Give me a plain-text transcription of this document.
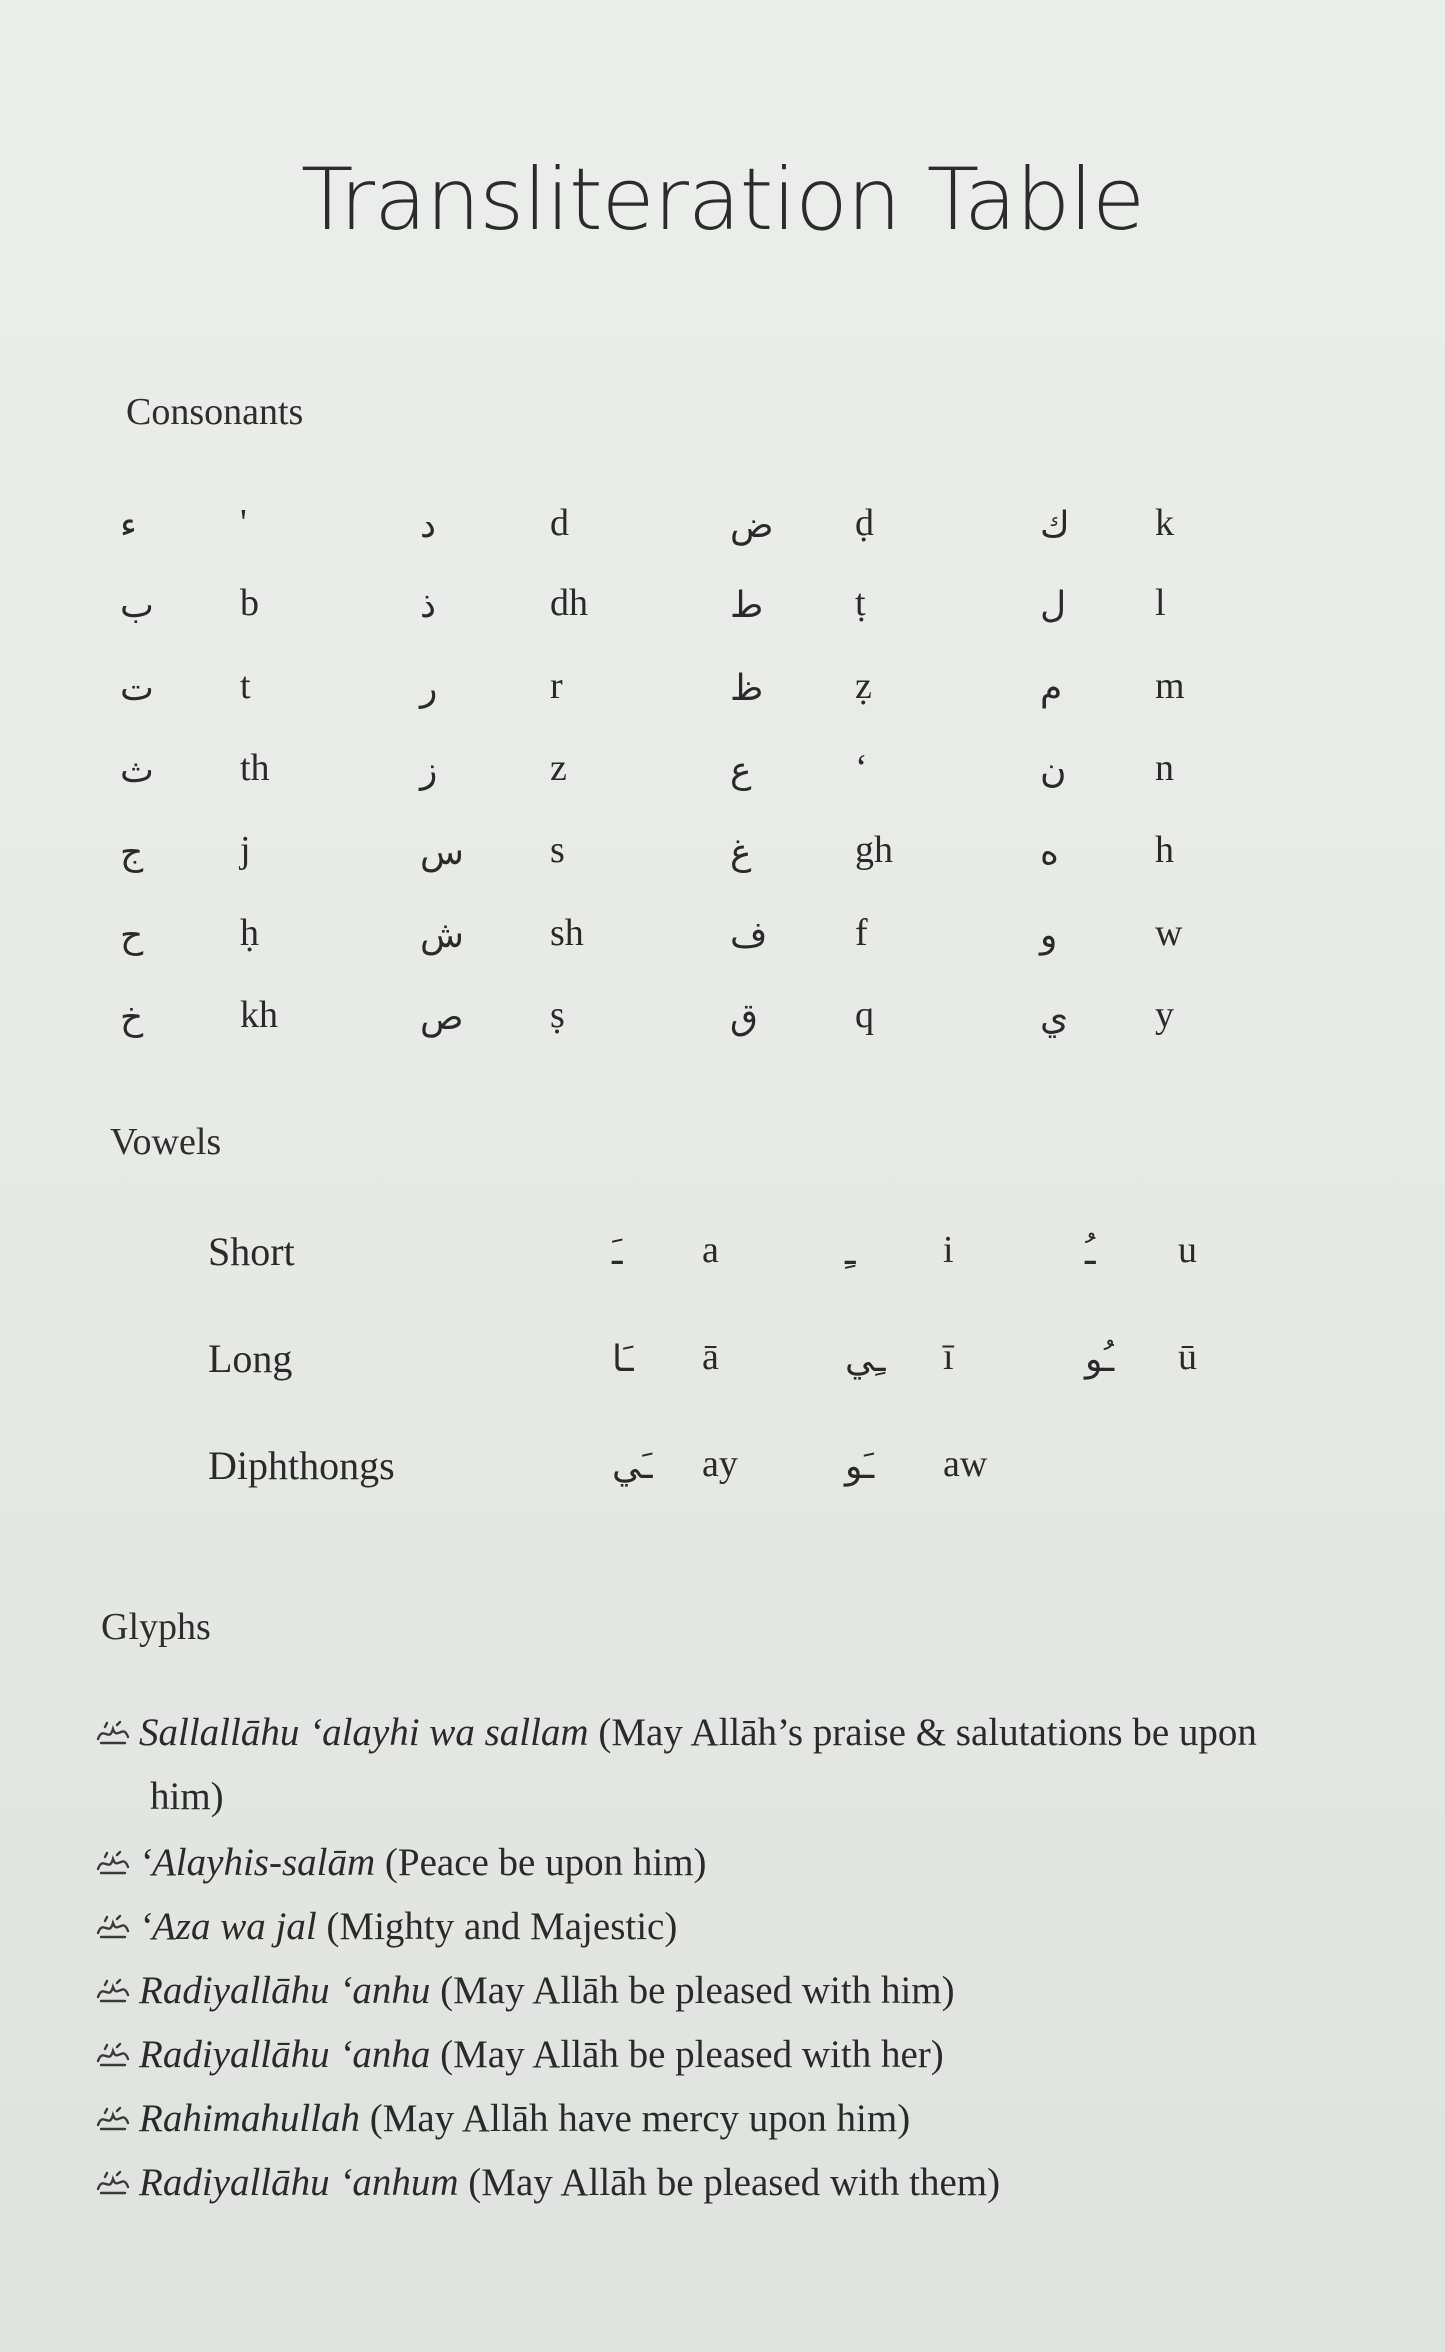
Transliteration Table
Consonants
ء	'	د	d	ض ḍ	ك k
ب b	ذ	dh	ط ṭ	ل l
ت t	ر	r	ظ ẓ	م m
ث th	ز	z	ع	‘	ن n
ج	j	س s	غ	gh	ه	h
ح	ḥ	ش sh	ف f	و	w
خ	kh	ص ṣ	ق	q	ي y
Vowels
Short	ـَ a	ـِ i	ـُ u
Long	ـَا ā	ـِي ī	ـُو ū
Diphthongs	ـَي ay	ـَو aw
Glyphs
Sallallāhu ‘alayhi wa sallam (May Allāh’s praise & salutations be upon
him)
‘Alayhis-salām (Peace be upon him)
‘Aza wa jal (Mighty and Majestic)
Radiyallāhu ‘anhu (May Allāh be pleased with him)
Radiyallāhu ‘anha (May Allāh be pleased with her)
Rahimahullah (May Allāh have mercy upon him)
Radiyallāhu ‘anhum (May Allāh be pleased with them)
